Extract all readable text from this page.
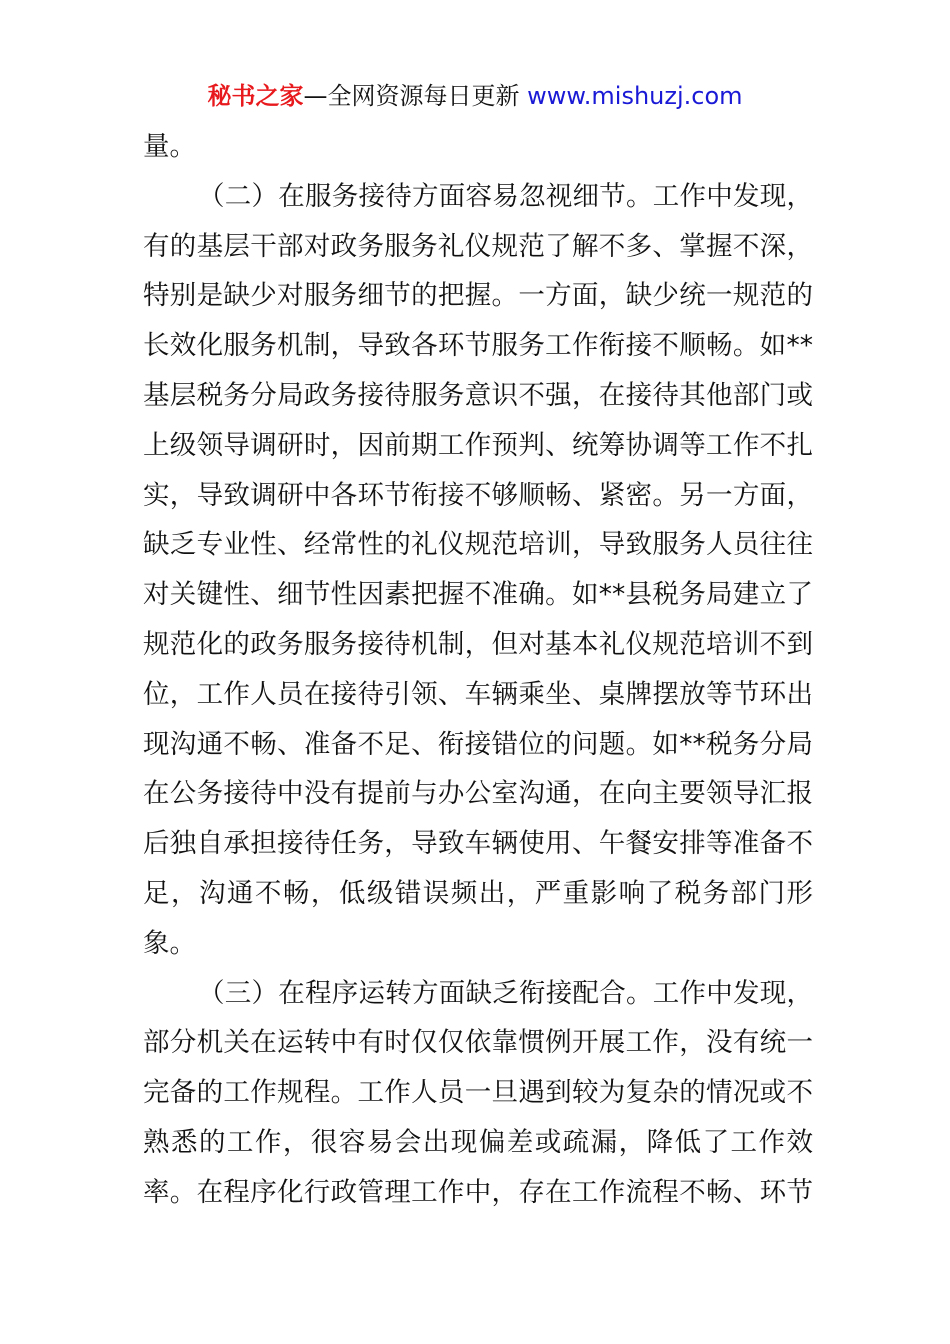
秘书之家—全网资源每日更新 www.mishuzj.com
量。
（二）在服务接待方面容易忽视细节。工作中发现，
有的基层干部对政务服务礼仪规范了解不多、掌握不深，
特别是缺少对服务细节的把握。一方面，缺少统一规范的
长效化服务机制，导致各环节服务工作衔接不顺畅。如**
基层税务分局政务接待服务意识不强，在接待其他部门或
上级领导调研时，因前期工作预判、统筹协调等工作不扎
实，导致调研中各环节衔接不够顺畅、紧密。另一方面，
缺乏专业性、经常性的礼仪规范培训，导致服务人员往往
对关键性、细节性因素把握不准确。如**县税务局建立了
规范化的政务服务接待机制，但对基本礼仪规范培训不到
位，工作人员在接待引领、车辆乘坐、桌牌摆放等节环出
现沟通不畅、准备不足、衔接错位的问题。如**税务分局
在公务接待中没有提前与办公室沟通，在向主要领导汇报
后独自承担接待任务，导致车辆使用、午餐安排等准备不
足，沟通不畅，低级错误频出，严重影响了税务部门形
象。
（三）在程序运转方面缺乏衔接配合。工作中发现，
部分机关在运转中有时仅仅依靠惯例开展工作，没有统一
完备的工作规程。工作人员一旦遇到较为复杂的情况或不
熟悉的工作，很容易会出现偏差或疏漏，降低了工作效
率。在程序化行政管理工作中，存在工作流程不畅、环节
